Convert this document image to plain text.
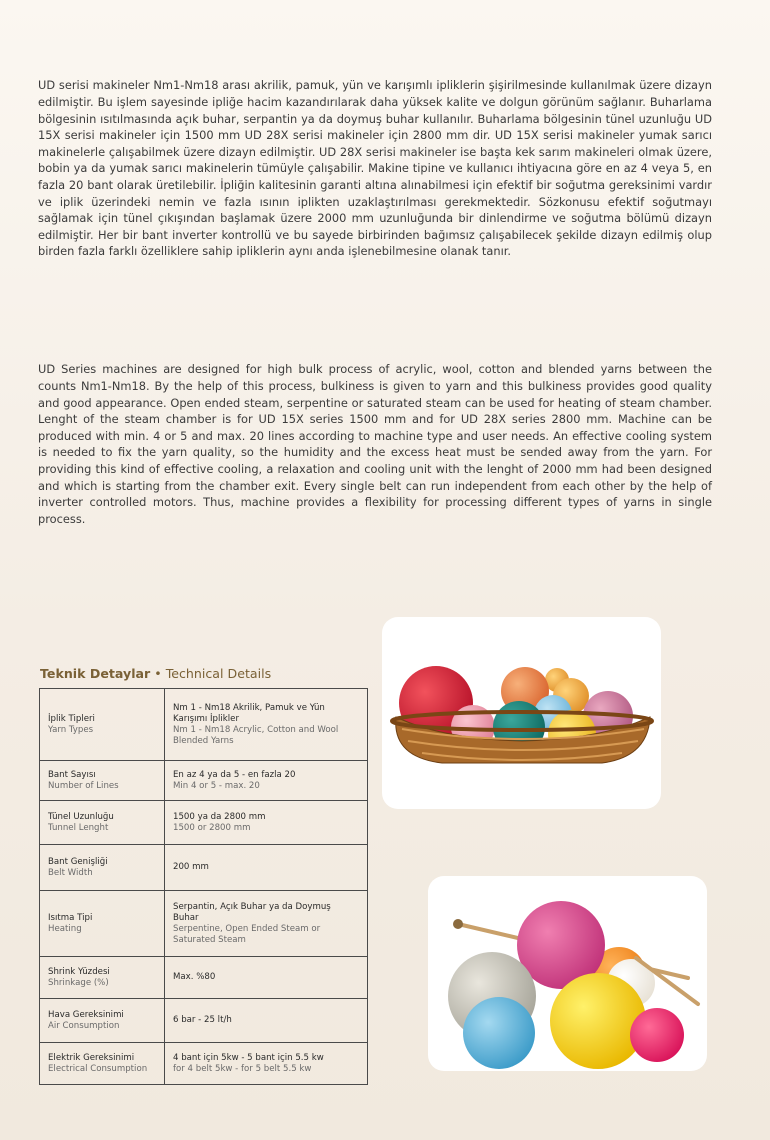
UD serisi makineler Nm1-Nm18 arası akrilik, pamuk, yün ve karışımlı ipliklerin şişirilmesinde kullanılmak üzere dizayn edilmiştir. Bu işlem sayesinde ipliğe hacim kazandırılarak daha yüksek kalite ve dolgun görünüm sağlanır. Buharlama bölgesinin ısıtılmasında açık buhar, serpantin ya da doymuş buhar kullanılır. Buharlama bölgesinin tünel uzunluğu UD 15X serisi makineler için 1500 mm UD 28X serisi makineler için 2800 mm dir. UD 15X serisi makineler yumak sarıcı makinelerle çalışabilmek üzere dizayn edilmiştir. UD 28X serisi makineler ise başta kek sarım makineleri olmak üzere, bobin ya da yumak sarıcı makinelerin tümüyle çalışabilir. Makine tipine ve kullanıcı ihtiyacına göre en az 4 veya 5, en fazla 20 bant olarak üretilebilir. İpliğin kalitesinin garanti altına alınabilmesi için efektif bir soğutma gereksinimi vardır ve iplik üzerindeki nemin ve fazla ısının iplikten uzaklaştırılması gerekmektedir. Sözkonusu efektif soğutmayı sağlamak için tünel çıkışından başlamak üzere 2000 mm uzunluğunda bir dinlendirme ve soğutma bölümü dizayn edilmiştir. Her bir bant inverter kontrollü ve bu sayede birbirinden bağımsız çalışabilecek şekilde dizayn edilmiş olup birden fazla farklı özelliklere sahip ipliklerin aynı anda işlenebilmesine olanak tanır.

UD Series machines are designed for high bulk process of acrylic, wool, cotton and blended yarns between the counts Nm1-Nm18. By the help of this process, bulkiness is given to yarn and this bulkiness provides good quality and good appearance. Open ended steam, serpentine or saturated steam can be used for heating of steam chamber. Lenght of the steam chamber is for UD 15X series 1500 mm and for UD 28X series 2800 mm. Machine can be produced with min. 4 or 5 and max. 20 lines according to machine type and user needs. An effective cooling system is needed to fix the yarn quality, so the humidity and the excess heat must be sended away from the yarn. For providing this kind of effective cooling, a relaxation and cooling unit with the lenght of 2000 mm had been designed and which is starting from the chamber exit. Every single belt can run independent from each other by the help of inverter controlled motors. Thus, machine provides a flexibility for processing different types of yarns in single process.

Teknik Detaylar • Technical Details
İplik Tipleri
Yarn Types	Nm 1 - Nm18 Akrilik, Pamuk ve Yün Karışımı İplikler
Nm 1 - Nm18 Acrylic, Cotton and Wool Blended Yarns

Bant Sayısı
Number of Lines	En az 4 ya da 5 - en fazla 20
Min 4 or 5 - max. 20

Tünel Uzunluğu
Tunnel Lenght	1500 ya da 2800 mm
1500 or 2800 mm

Bant Genişliği
Belt Width	200 mm

Isıtma Tipi
Heating	Serpantin, Açık Buhar ya da Doymuş Buhar
Serpentine, Open Ended Steam or Saturated Steam

Shrink Yüzdesi
Shrinkage (%)	Max. %80

Hava Gereksinimi
Air Consumption	6 bar - 25 lt/h

Elektrik Gereksinimi
Electrical Consumption	4 bant için 5kw - 5 bant için 5.5 kw
for 4 belt 5kw - for 5 belt 5.5 kw
